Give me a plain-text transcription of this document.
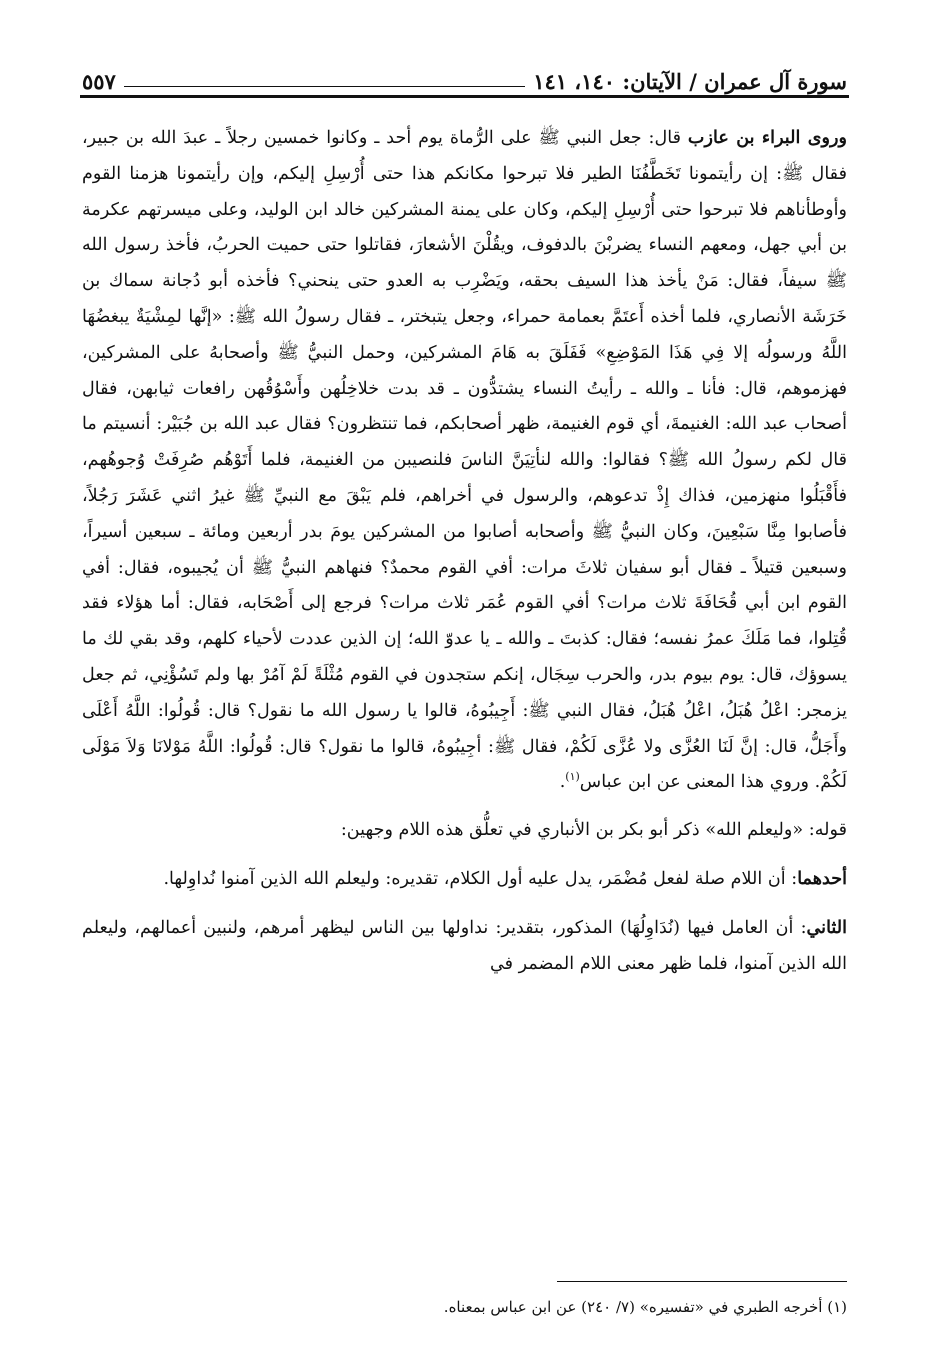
سورة آل عمران / الآيتان: ١٤٠، ١٤١
٥٥٧

وروى البراء بن عازب قال: جعل النبي ﷺ على الرُّماة يوم أحد ـ وكانوا خمسين رجلاً ـ عبدَ الله بن جبير، فقال ﷺ: إن رأيتمونا تَخَطَّفُنَا الطير فلا تبرحوا مكانكم هذا حتى أُرْسِلِ إليكم، وإن رأيتمونا هزمنا القوم وأوطأناهم فلا تبرحوا حتى أُرْسِلِ إليكم، وكان على يمنة المشركين خالد ابن الوليد، وعلى ميسرتهم عكرمة بن أبي جهل، ومعهم النساء يضربْنَ بالدفوف، ويقُلْنَ الأشعارَ، فقاتلوا حتى حميت الحربُ، فأخذ رسول الله ﷺ سيفاً، فقال: مَنْ يأخذ هذا السيف بحقه، ويَضْرِب به العدو حتى ينحني؟ فأخذه أبو دُجانة سماك بن خَرَشَة الأنصاري، فلما أخذه أَعتَمَّ بعمامة حمراء، وجعل يتبختر، ـ فقال رسولُ الله ﷺ: «إنَّها لمِشْيَةٌ يبغضُهَا اللَّهُ ورسولُه إلا فِي هَذَا المَوْضِعِ» فَفَلَقَ به هَامَ المشركين، وحمل النبيُّ ﷺ وأصحابهُ على المشركين، فهزموهم، قال: فأنا ـ والله ـ رأيتُ النساء يشتدُّون ـ قد بدت خلاخِلُهن وأَسْوُقُهن رافعات ثيابهن، فقال أصحاب عبد الله: الغنيمةَ، أي قوم الغنيمة، ظهر أصحابكم، فما تنتظرون؟ فقال عبد الله بن جُبَيْر: أنسيتم ما قال لكم رسولُ الله ﷺ؟ فقالوا: والله لنأتِيَنَّ الناسَ فلنصيبن من الغنيمة، فلما أَتَوْهُم صُرِفَتْ وُجوهُهم، فأَقْبَلُوا منهزمين، فذاك إِذْ تدعوهم، والرسول في أخراهم، فلم يَبْقَ مع النبيِّ ﷺ غيرُ اثني عَشَرَ رَجُلاً، فأصابوا مِنَّا سَبْعِينَ، وكان النبيُّ ﷺ وأصحابه أصابوا من المشركين يومَ بدر أربعين ومائة ـ سبعين أسيراً، وسبعين قتيلاً ـ فقال أبو سفيان ثلاثَ مرات: أفي القوم محمدٌ؟ فنهاهم النبيُّ ﷺ أن يُجيبوه، فقال: أفي القوم ابن أبي قُحَافَةَ ثلاث مرات؟ أفي القوم عُمَر ثلاث مرات؟ فرجع إلى أَصْحَابه، فقال: أما هؤلاء فقد قُتِلوا، فما مَلَكَ عمرُ نفسه؛ فقال: كذبتَ ـ والله ـ يا عدوّ الله؛ إن الذين عددت لأحياء كلهم، وقد بقي لك ما يسوؤك، قال: يوم بيوم بدر، والحرب سِجَال، إنكم ستجدون في القوم مُثْلَةً لَمْ آمُرْ بها ولم تَسُؤْنِي، ثم جعل يزمجر: اعْلُ هُبَلُ، اعْلُ هُبَلُ، فقال النبي ﷺ: أَجِيبُوهُ، قالوا يا رسول الله ما نقول؟ قال: قُولُوا: اللَّهُ أَعْلَى وأَجَلُّ، قال: إنَّ لَنَا العُزَّى ولا عُزَّى لَكُمْ، فقال ﷺ: أجِيبُوهُ، قالوا ما نقول؟ قال: قُولُوا: اللَّهُ مَوْلانَا وَلاَ مَوْلَى لَكُمْ. وروي هذا المعنى عن ابن عباس$^{(١)}$.

قوله: «وليعلم الله» ذكر أبو بكر بن الأنباري في تعلُّق هذه اللام وجهين:

أحدهما: أن اللام صلة لفعل مُضْمَر، يدل عليه أول الكلام، تقديره: وليعلم الله الذين آمنوا نُداوِلها.

الثاني: أن العامل فيها (نُدَاوِلُهَا) المذكور، بتقدير: نداولها بين الناس ليظهر أمرهم، ولنبين أعمالهم، وليعلم الله الذين آمنوا، فلما ظهر معنى اللام المضمر في

(١) أخرجه الطبري في «تفسيره» (٧/ ٢٤٠) عن ابن عباس بمعناه.
